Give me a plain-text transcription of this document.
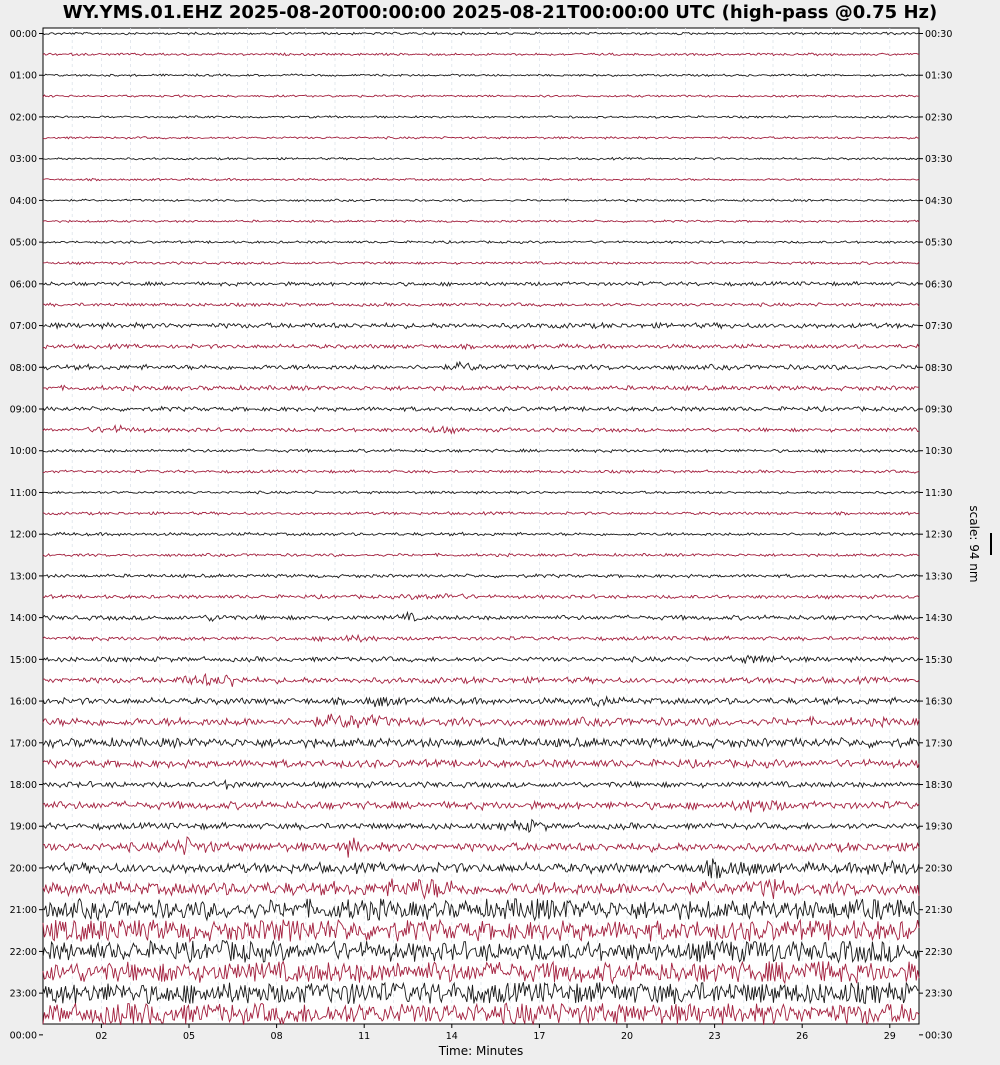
WY.YMS.01.EHZ 2025-08-20T00:00:00 2025-08-21T00:00:00 UTC (high-pass @0.75 Hz)
00:00
01:00
02:00
03:00
04:00
05:00
06:00
07:00
08:00
09:00
10:00
11:00
12:00
13:00
14:00
15:00
16:00
17:00
18:00
19:00
20:00
21:00
22:00
23:00
00:00
00:30
01:30
02:30
03:30
04:30
05:30
06:30
07:30
08:30
09:30
10:30
11:30
12:30
13:30
14:30
15:30
16:30
17:30
18:30
19:30
20:30
21:30
22:30
23:30
00:30
02	05	08	11	14	17	20	23	26	29
Time: Minutes
scale: 94 nm
